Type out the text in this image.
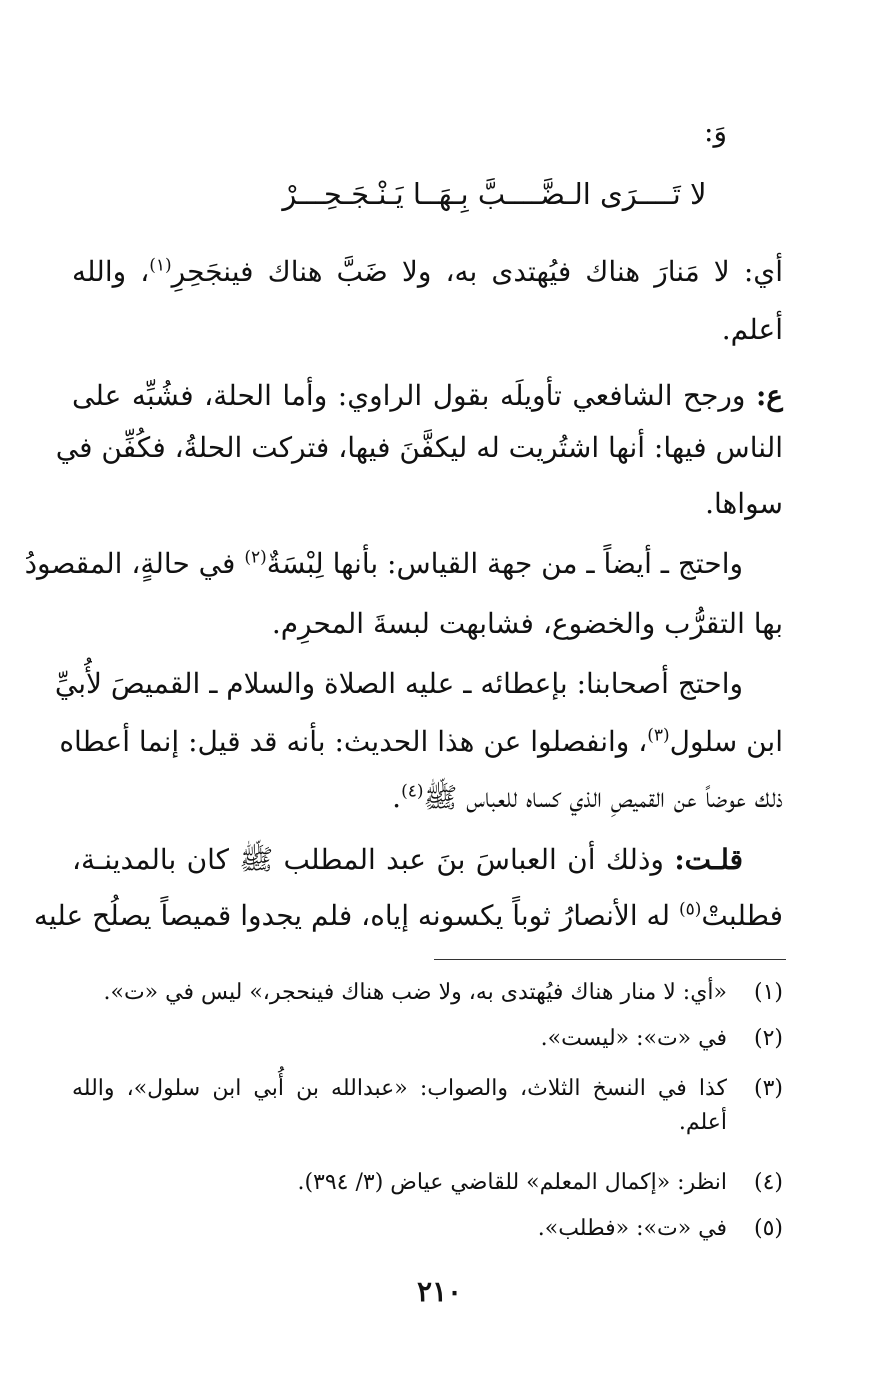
وَ:
لا تَــــرَى الـضَّــــبَّ بِـهَــا يَـنْـجَـحِـــرْ
أي: لا مَنارَ هناك فيُهتدى به، ولا ضَبَّ هناك فينجَحِرِ$^{(١)}$، والله
أعلم.
ع: ورجح الشافعي تأويلَه بقول الراوي: وأما الحلة، فشُبِّه على
الناس فيها: أنها اشتُريت له ليكفَّنَ فيها، فتركت الحلةُ، فكُفِّن في
سواها.
واحتج ـ أيضاً ـ من جهة القياس: بأنها لِبْسَةٌ$^{(٢)}$ في حالةٍ، المقصودُ
بها التقرُّب والخضوع، فشابهت لبسةَ المحرِم.
واحتج أصحابنا: بإعطائه ـ عليه الصلاة والسلام ـ القميصَ لأُبيِّ
ابن سلول$^{(٣)}$، وانفصلوا عن هذا الحديث: بأنه قد قيل: إنما أعطاه
ذلك عوضاً عن القميصِ الذي كساه للعباس ﷺ$^{(٤)}$.
قلـت: وذلك أن العباسَ بنَ عبد المطلب ﷺ كان بالمدينـة،
فطلبتْ$^{(٥)}$ له الأنصارُ ثوباً يكسونه إياه، فلم يجدوا قميصاً يصلُح عليه
(١)
«أي: لا منار هناك فيُهتدى به، ولا ضب هناك فينحجر،» ليس في «ت».
(٢)
في «ت»: «ليست».
(٣)
كذا في النسخ الثلاث، والصواب: «عبدالله بن أُبي ابن سلول»، والله
أعلم.
(٤)
انظر: «إكمال المعلم» للقاضي عياض (٣/ ٣٩٤).
(٥)
في «ت»: «فطلب».
٢١٠
